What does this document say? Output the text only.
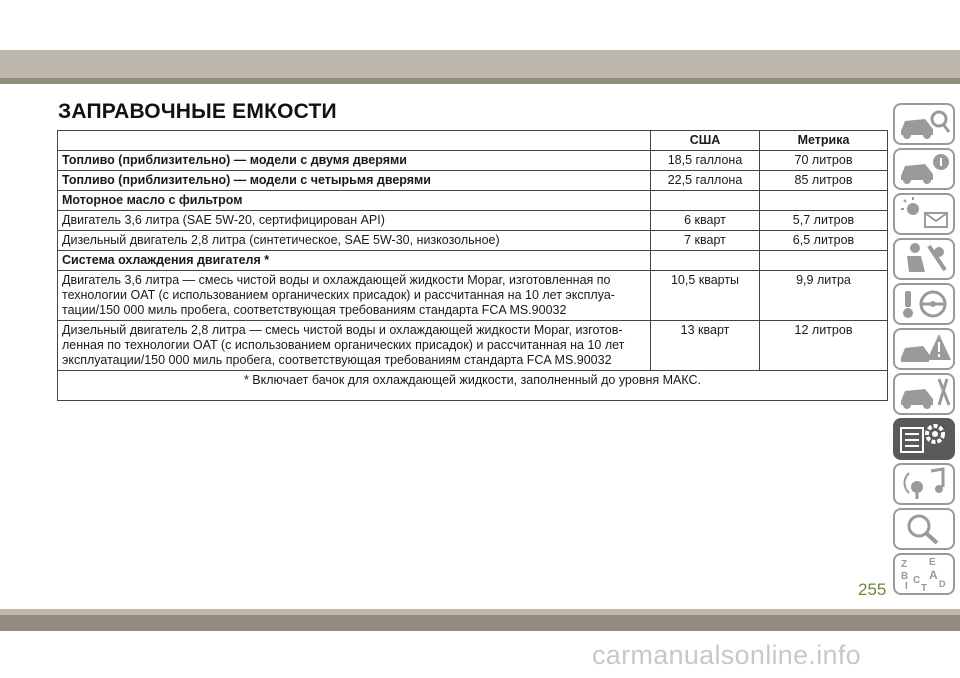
ЗАПРАВОЧНЫЕ ЕМКОСТИ
	США	Метрика
Топливо (приблизительно) — модели с двумя дверями	18,5 галлона	70 литров
Топливо (приблизительно) — модели с четырьмя дверями	22,5 галлона	85 литров
Моторное масло с фильтром		
Двигатель 3,6 литра (SAE 5W-20, сертифицирован API)	6 кварт	5,7 литров
Дизельный двигатель 2,8 литра (синтетическое, SAE 5W-30, низкозольное)	7 кварт	6,5 литров
Система охлаждения двигателя *		
Двигатель 3,6 литра — смесь чистой воды и охлаждающей жидкости Mopar, изготовленная по технологии OAT (с использованием органических присадок) и рассчитанная на 10 лет эксплуатации/150 000 миль пробега, соответствующая требованиям стандарта FCA MS.90032	10,5 кварты	9,9 литра
Дизельный двигатель 2,8 литра — смесь чистой воды и охлаждающей жидкости Mopar, изготовленная по технологии OAT (с использованием органических присадок) и рассчитанная на 10 лет эксплуатации/150 000 миль пробега, соответствующая требованиям стандарта FCA MS.90032	13 кварт	12 литров
* Включает бачок для охлаждающей жидкости, заполненный до уровня МАКС.		
Z E
B A
C D
I T
255
carmanualsonline.info
